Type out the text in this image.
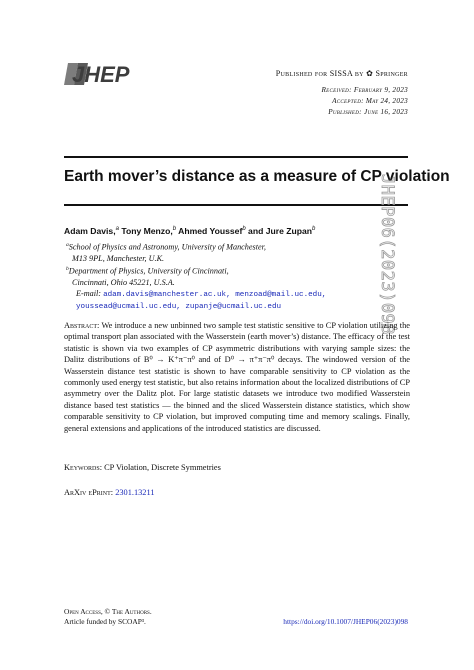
JHEP	Published for SISSA by ✿ Springer
Received: February 9, 2023
Accepted: May 24, 2023
Published: June 16, 2023
Earth mover’s distance as a measure of CP violation
JHEP06(2023)098
Adam Davis,$^a$ Tony Menzo,$^b$ Ahmed Youssef$^b$ and Jure Zupan$^b$
$^a$School of Physics and Astronomy, University of Manchester,
M13 9PL, Manchester, U.K.
$^b$Department of Physics, University of Cincinnati,
Cincinnati, Ohio 45221, U.S.A.
E-mail: adam.davis@manchester.ac.uk, menzoad@mail.uc.edu,
youssead@ucmail.uc.edu, zupanje@ucmail.uc.edu
Abstract: We introduce a new unbinned two sample test statistic sensitive to CP violation utilizing the optimal transport plan associated with the Wasserstein (earth mover’s) distance. The efficacy of the test statistic is shown via two examples of CP asymmetric distributions with varying sample sizes: the Dalitz distributions of B⁰ → K⁺π⁻π⁰ and of D⁰ → π⁺π⁻π⁰ decays. The windowed version of the Wasserstein distance test statistic is shown to have comparable sensitivity to CP violation as the commonly used energy test statistic, but also retains information about the localized distributions of CP asymmetry over the Dalitz plot. For large statistic datasets we introduce two modified Wasserstein distance based test statistics — the binned and the sliced Wasserstein distance statistics, which show comparable sensitivity to CP violation, but improved computing time and memory scalings. Finally, general extensions and applications of the introduced statistics are discussed.
Keywords: CP Violation, Discrete Symmetries
ArXiv ePrint: 2301.13211
Open Access, © The Authors.
Article funded by SCOAP³.	https://doi.org/10.1007/JHEP06(2023)098
